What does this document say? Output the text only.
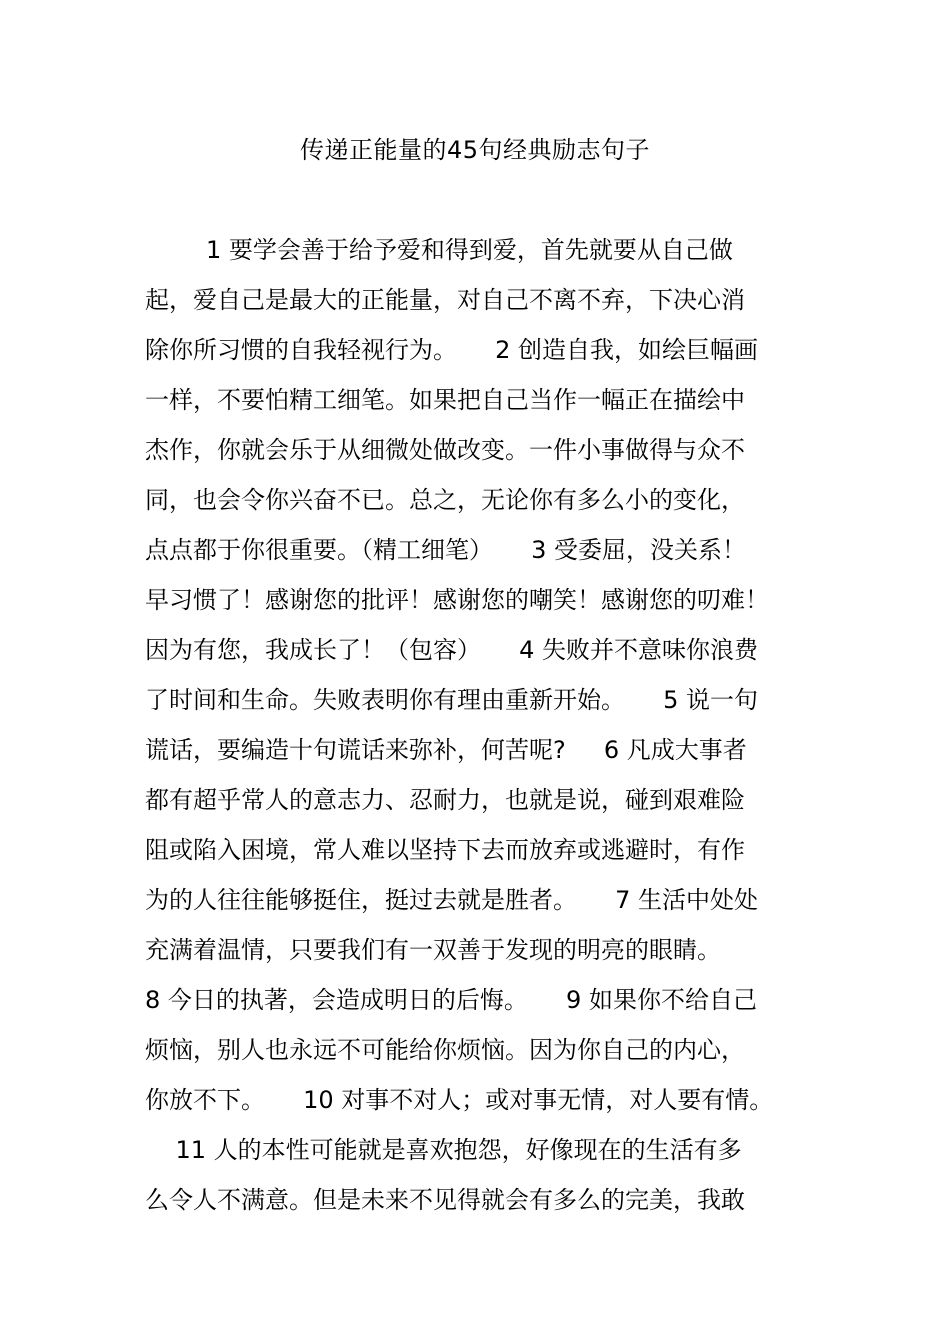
传递正能量的45句经典励志句子
1 要学会善于给予爱和得到爱，首先就要从自己做
起，爱自己是最大的正能量，对自己不离不弃，下决心消
除你所习惯的自我轻视行为。     2 创造自我，如绘巨幅画
一样，不要怕精工细笔。如果把自己当作一幅正在描绘中
杰作，你就会乐于从细微处做改变。一件小事做得与众不
同，也会令你兴奋不已。总之，无论你有多么小的变化，
点点都于你很重要。（精工细笔）     3 受委屈，没关系！
早习惯了！感谢您的批评！感谢您的嘲笑！感谢您的叨难！
因为有您，我成长了！（包容）     4 失败并不意味你浪费
了时间和生命。失败表明你有理由重新开始。     5 说一句
谎话，要编造十句谎话来弥补，何苦呢?     6 凡成大事者
都有超乎常人的意志力、忍耐力，也就是说，碰到艰难险
阻或陷入困境，常人难以坚持下去而放弃或逃避时，有作
为的人往往能够挺住，挺过去就是胜者。     7 生活中处处
充满着温情，只要我们有一双善于发现的明亮的眼睛。
8 今日的执著，会造成明日的后悔。     9 如果你不给自己
烦恼，别人也永远不可能给你烦恼。因为你自己的内心，
你放不下。     10 对事不对人；或对事无情，对人要有情。
11 人的本性可能就是喜欢抱怨，好像现在的生活有多
么令人不满意。但是未来不见得就会有多么的完美，我敢
